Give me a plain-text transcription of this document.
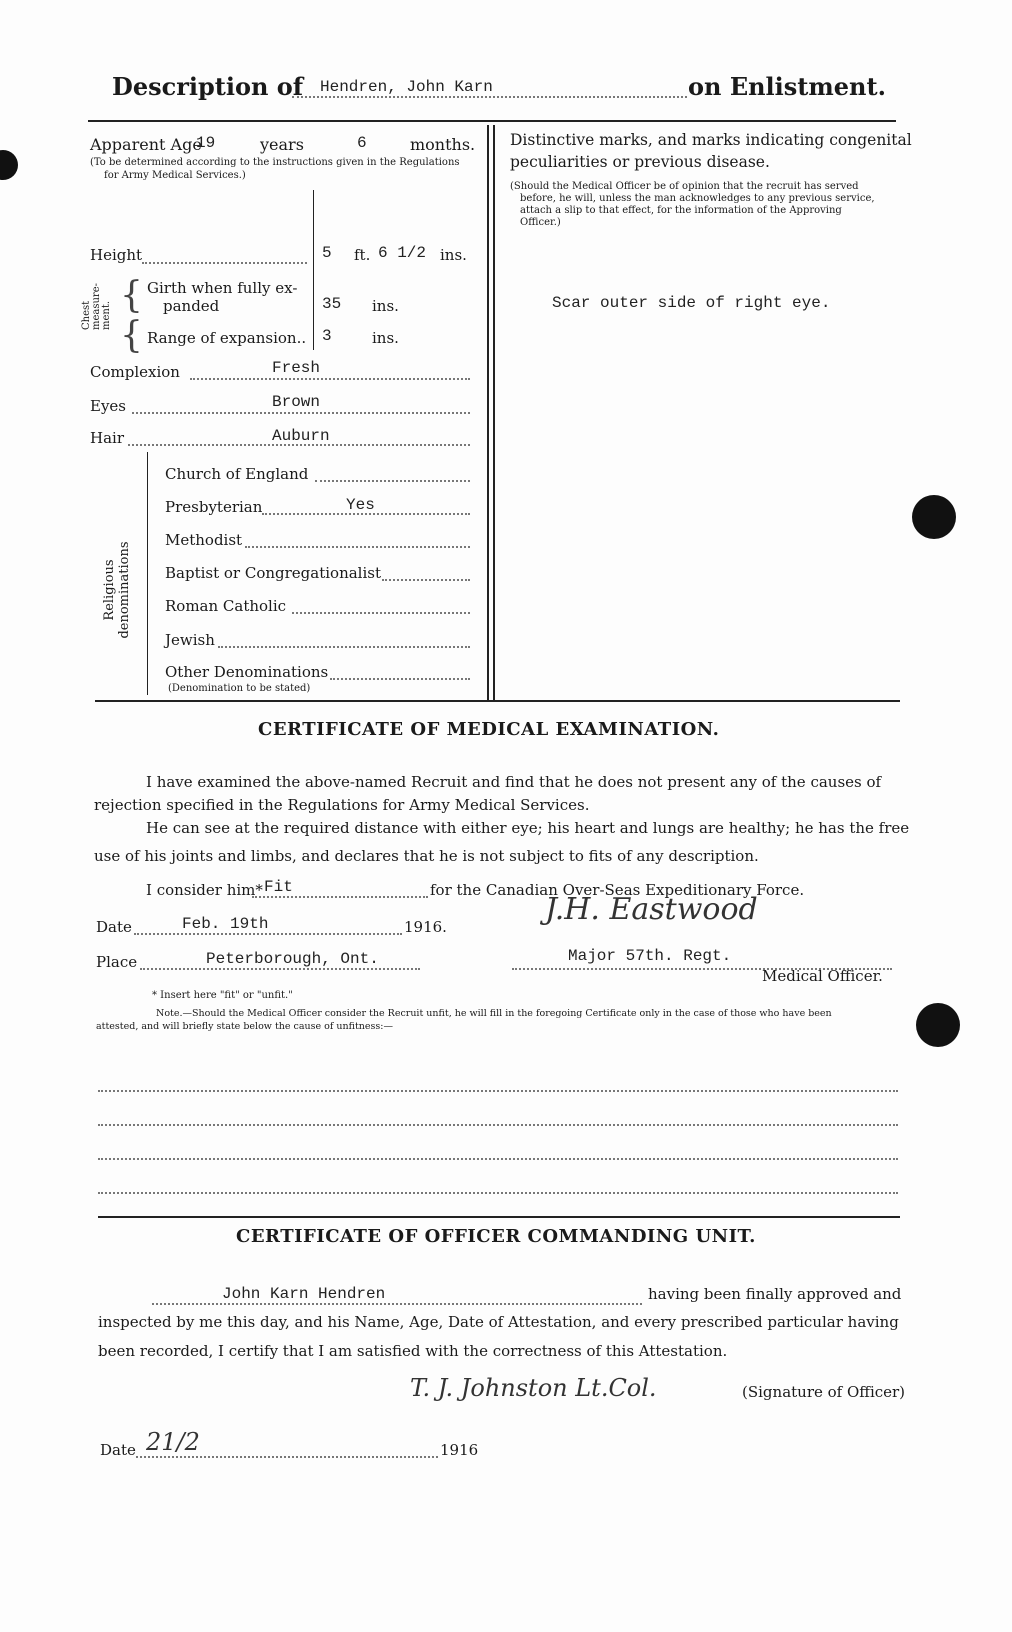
Description of Hendren, John Karn	on Enlistment.
Apparent Age
19	years	6	months.
(To be determined according to the instructions given in the Regulations
for Army Medical Services.)
Height	5 ft. 6 1/2 ins.
Chest measure-ment. {
{
Girth when fully ex-
panded	35 ins.
Range of expansion.. 3	ins.
Complexion	Fresh
Eyes	Brown
Hair	Auburn
Religious denominations
Church of England
Presbyterian	Yes
Methodist
Baptist or Congregationalist
Roman Catholic
Jewish
Other Denominations
(Denomination to be stated)
Distinctive marks, and marks indicating congenital
peculiarities or previous disease.
(Should the Medical Officer be of opinion that the recruit has served
before, he will, unless the man acknowledges to any previous service,
attach a slip to that effect, for the information of the Approving
Officer.)
Scar outer side of right eye.
CERTIFICATE OF MEDICAL EXAMINATION.
I have examined the above-named Recruit and find that he does not present any of the causes of
rejection specified in the Regulations for Army Medical Services.
He can see at the required distance with either eye; his heart and lungs are healthy; he has the free
use of his joints and limbs, and declares that he is not subject to fits of any description.
I consider him* Fit	for the Canadian Over-Seas Expeditionary Force.
Date	Feb. 19th	1916.	J.H. Eastwood
Place	Peterborough, Ont.	Major 57th. Regt.
Medical Officer.
* Insert here "fit" or "unfit."
Note.—Should the Medical Officer consider the Recruit unfit, he will fill in the foregoing Certificate only in the case of those who have been
attested, and will briefly state below the cause of unfitness:—
CERTIFICATE OF OFFICER COMMANDING UNIT.
John Karn Hendren	having been finally approved and
inspected by me this day, and his Name, Age, Date of Attestation, and every prescribed particular having
been recorded, I certify that I am satisfied with the correctness of this Attestation.
T. J. Johnston Lt.Col.	(Signature of Officer)
Date 21/2	1916
